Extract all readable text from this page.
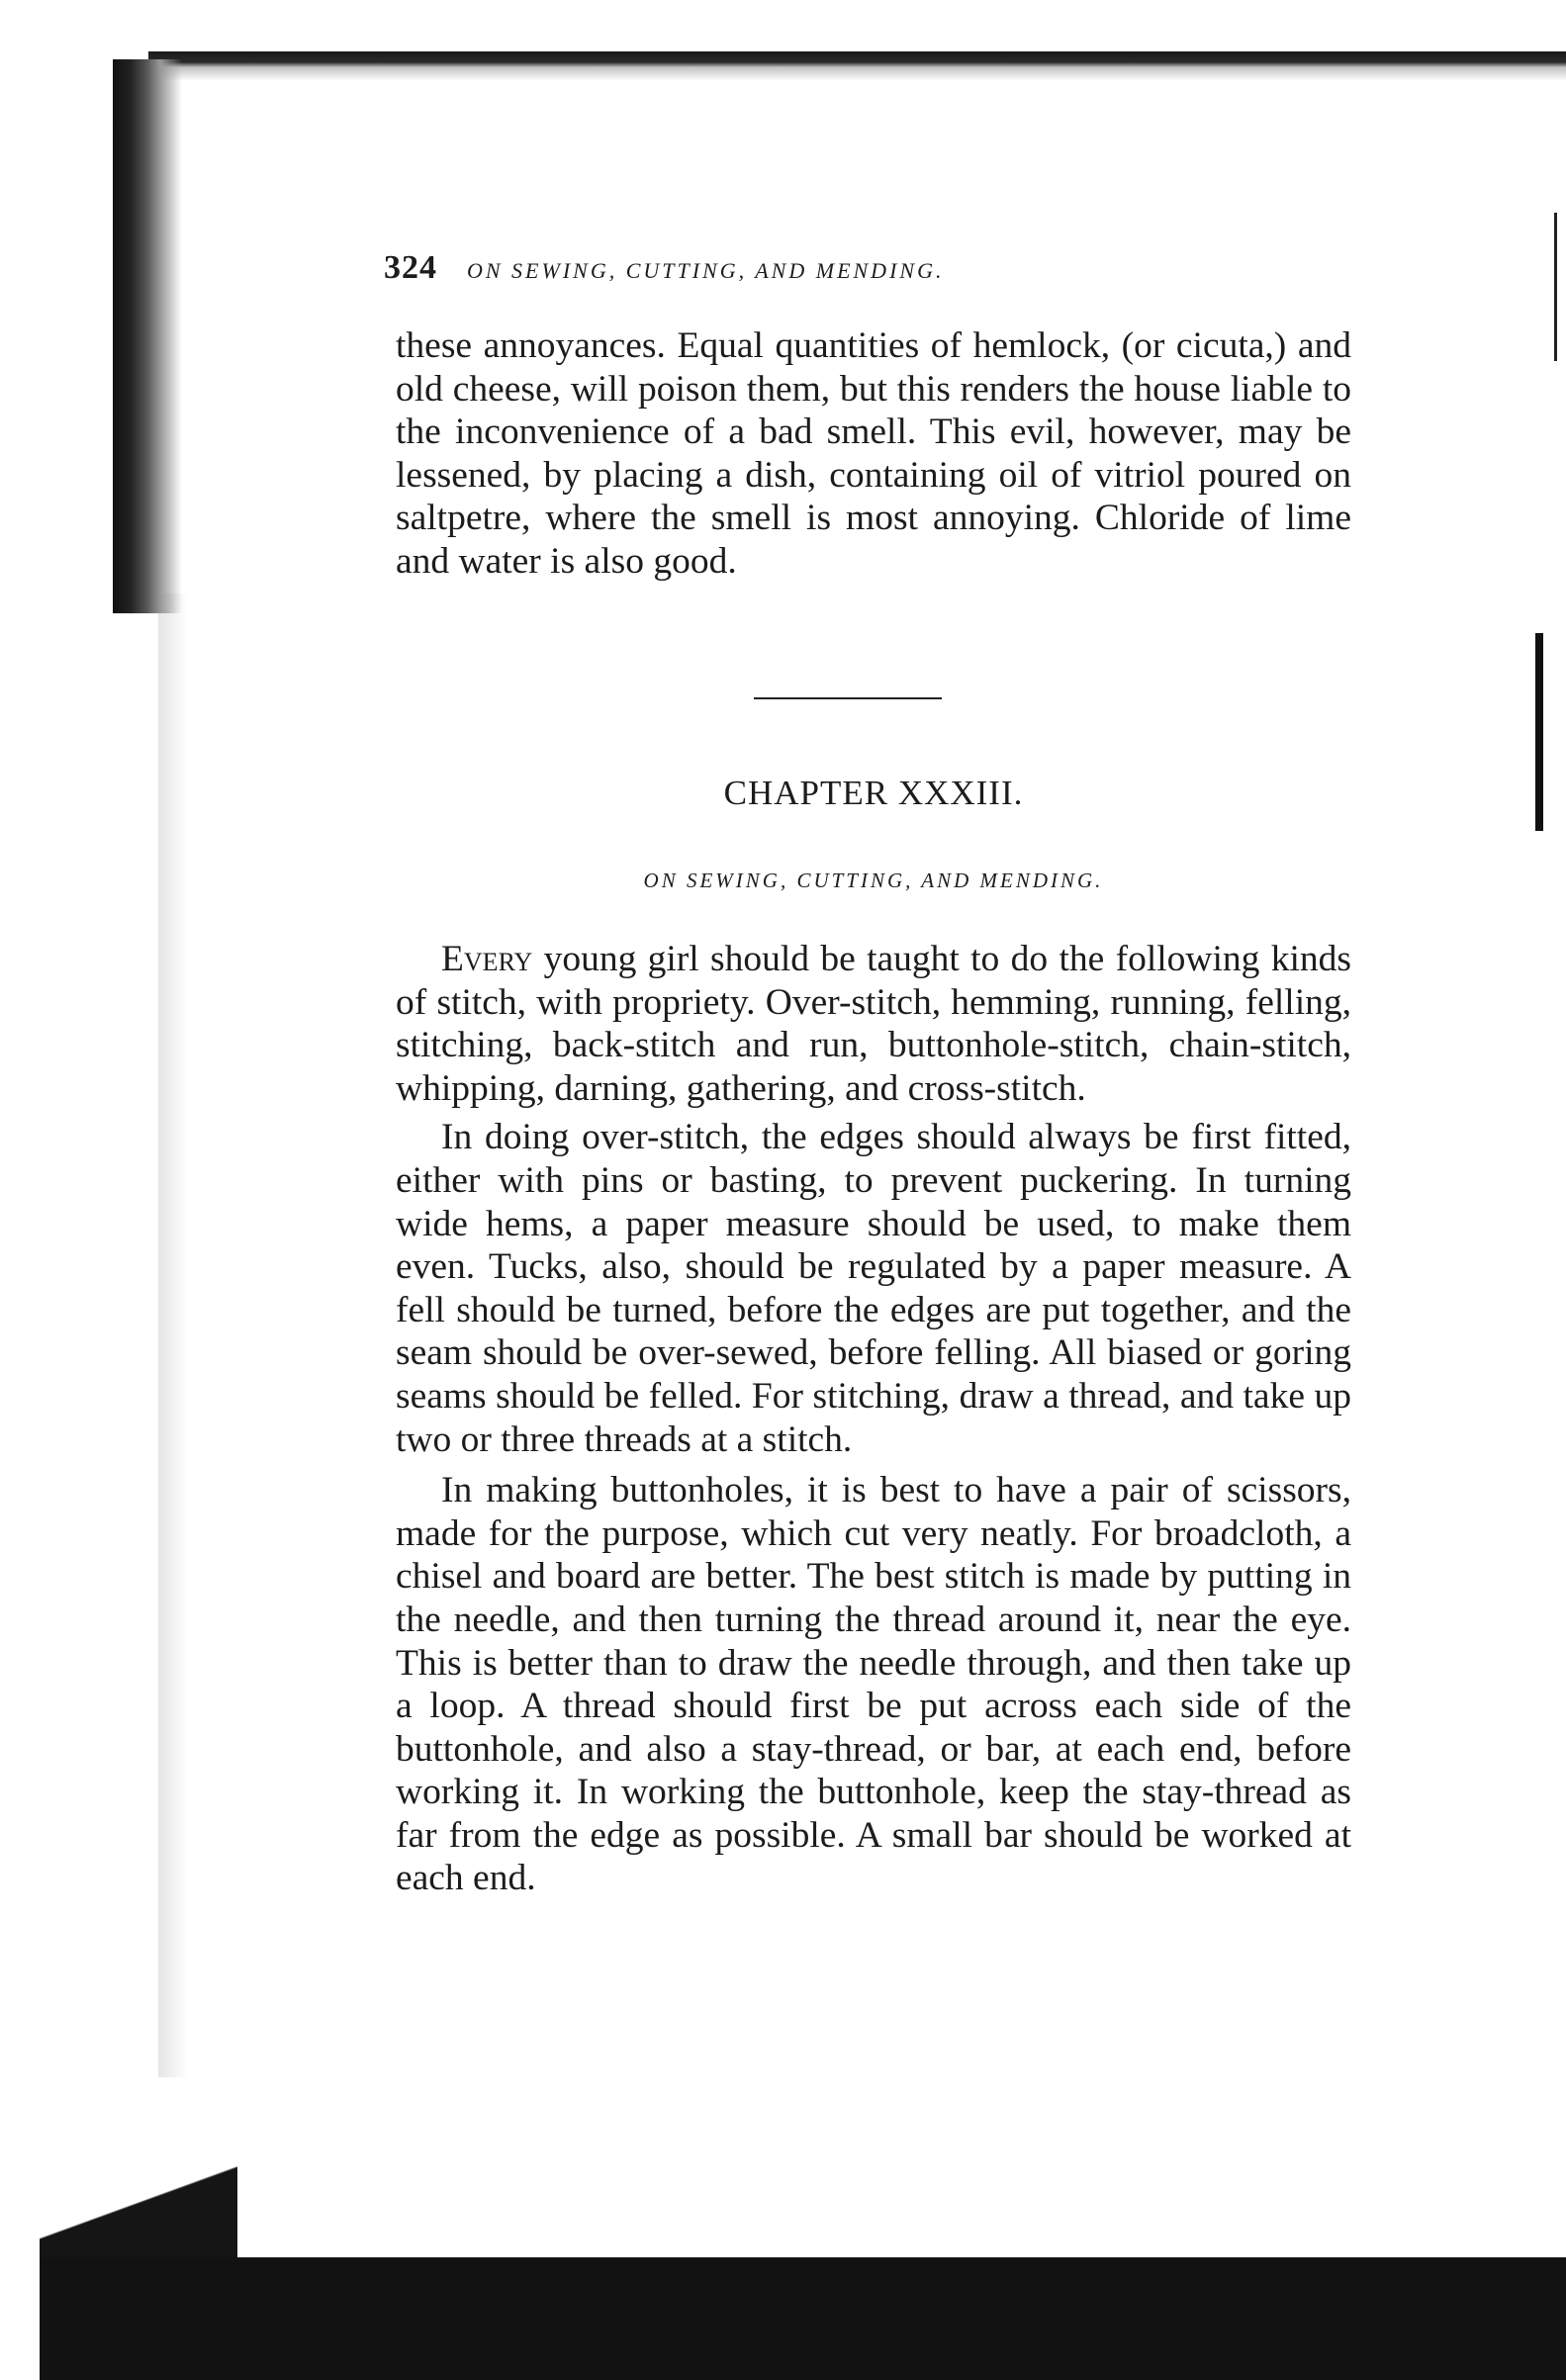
324 ON SEWING, CUTTING, AND MENDING.

these annoyances. Equal quantities of hemlock, (or cicuta,) and old cheese, will poison them, but this renders the house liable to the inconvenience of a bad smell. This evil, however, may be lessened, by placing a dish, containing oil of vitriol poured on saltpetre, where the smell is most annoying. Chloride of lime and water is also good.

CHAPTER XXXIII.
ON SEWING, CUTTING, AND MENDING.

Every young girl should be taught to do the following kinds of stitch, with propriety. Over-stitch, hemming, running, felling, stitching, back-stitch and run, buttonhole-stitch, chain-stitch, whipping, darning, gathering, and cross-stitch.

In doing over-stitch, the edges should always be first fitted, either with pins or basting, to prevent puckering. In turning wide hems, a paper measure should be used, to make them even. Tucks, also, should be regulated by a paper measure. A fell should be turned, before the edges are put together, and the seam should be over-sewed, before felling. All biased or goring seams should be felled. For stitching, draw a thread, and take up two or three threads at a stitch.

In making buttonholes, it is best to have a pair of scissors, made for the purpose, which cut very neatly. For broadcloth, a chisel and board are better. The best stitch is made by putting in the needle, and then turning the thread around it, near the eye. This is better than to draw the needle through, and then take up a loop. A thread should first be put across each side of the buttonhole, and also a stay-thread, or bar, at each end, before working it. In working the buttonhole, keep the stay-thread as far from the edge as possible. A small bar should be worked at each end.
